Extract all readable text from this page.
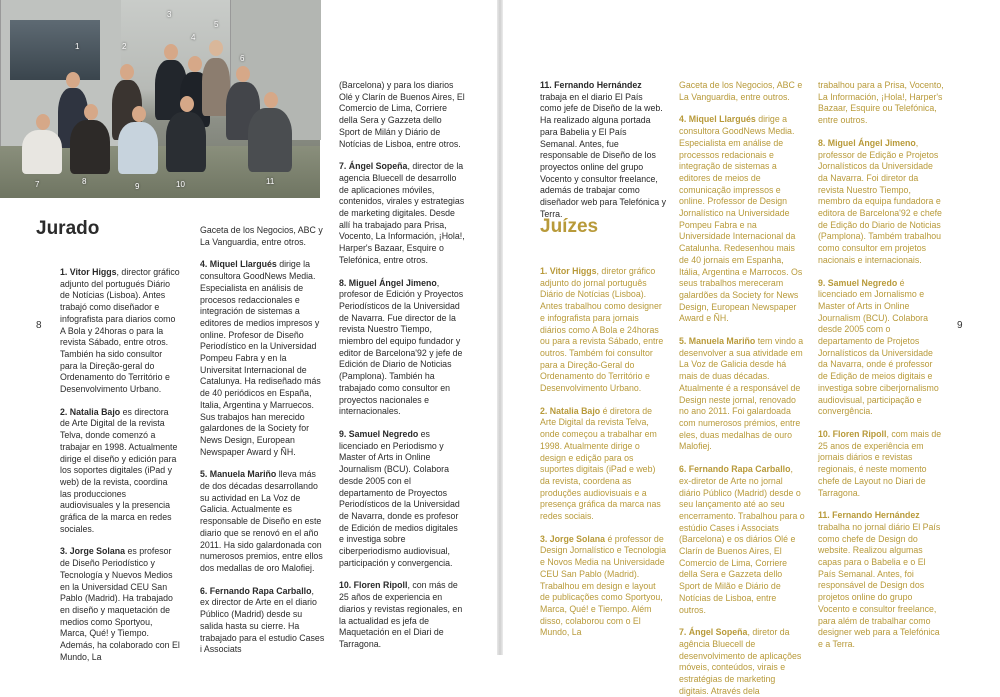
1	2
3
4
5
6
7	8
9	10	11
Jurado
8

1. Vitor Higgs, director gráfico adjunto del portugués Diário de Notícias (Lisboa). Antes trabajó como diseñador e infografista para diarios como A Bola y 24horas o para la revista Sábado, entre otros. También ha sido consultor para la Direção-geral do Ordenamento do Território e Desenvolvimento Urbano.

2. Natalia Bajo es directora de Arte Digital de la revista Telva, donde comenzó a trabajar en 1998. Actualmente dirige el diseño y edición para los soportes digitales (iPad y web) de la revista, coordina las producciones audiovisuales y la presencia gráfica de la marca en redes sociales.

3. Jorge Solana es profesor de Diseño Periodístico y Tecnología y Nuevos Medios en la Universidad CEU San Pablo (Madrid). Ha trabajado en diseño y maquetación de medios como Sportyou, Marca, Qué! y Tiempo. Además, ha colaborado con El Mundo, La

Gaceta de los Negocios, ABC y La Vanguardia, entre otros.

4. Miquel Llargués dirige la consultora GoodNews Media. Especialista en análisis de procesos redaccionales e integración de sistemas a editores de medios impresos y online. Profesor de Diseño Periodístico en la Universidad Pompeu Fabra y en la Universitat Internacional de Catalunya. Ha rediseñado más de 40 periódicos en España, Italia, Argentina y Marruecos. Sus trabajos han merecido galardones de la Society for News Design, European Newspaper Award y ÑH.

5. Manuela Mariño lleva más de dos décadas desarrollando su actividad en La Voz de Galicia. Actualmente es responsable de Diseño en este diario que se renovó en el año 2011. Ha sido galardonada con numerosos premios, entre ellos dos medallas de oro Malofiej.

6. Fernando Rapa Carballo, ex director de Arte en el diario Público (Madrid) desde su salida hasta su cierre. Ha trabajado para el estudio Cases i Associats

(Barcelona) y para los diarios Olé y Clarín de Buenos Aires, El Comercio de Lima, Corriere della Sera y Gazzeta dello Sport de Milán y Diário de Notícias de Lisboa, entre otros.

7. Ángel Sopeña, director de la agencia Bluecell de desarrollo de aplicaciones móviles, contenidos, virales y estrategias de marketing digitales. Desde allí ha trabajado para Prisa, Vocento, La Información, ¡Hola!, Harper's Bazaar, Esquire o Telefónica, entre otros.

8. Miguel Ángel Jimeno, profesor de Edición y Proyectos Periodísticos de la Universidad de Navarra. Fue director de la revista Nuestro Tiempo, miembro del equipo fundador y editor de Barcelona'92 y jefe de Edición de Diario de Noticias (Pamplona). También ha trabajado como consultor en proyectos nacionales e internacionales.

9. Samuel Negredo es licenciado en Periodismo y Master of Arts in Online Journalism (BCU). Colabora desde 2005 con el departamento de Proyectos Periodísticos de la Universidad de Navarra, donde es profesor de Edición de medios digitales e investiga sobre ciberperiodismo audiovisual, participación y convergencia.

10. Floren Ripoll, con más de 25 años de experiencia en diarios y revistas regionales, en la actualidad es jefa de Maquetación en el Diari de Tarragona.

11. Fernando Hernández trabaja en el diario El País como jefe de Diseño de la web. Ha realizado alguna portada para Babelia y El País Semanal. Antes, fue responsable de Diseño de los proyectos online del grupo Vocento y consultor freelance, además de trabajar como diseñador web para Telefónica y Terra.

Juízes
9

1. Vitor Higgs, diretor gráfico adjunto do jornal português Diário de Notícias (Lisboa). Antes trabalhou como designer e infografista para jornais diários como A Bola e 24horas ou para a revista Sábado, entre outros. Também foi consultor para a Direção-Geral do Ordenamento do Território e Desenvolvimento Urbano.

2. Natalia Bajo é diretora de Arte Digital da revista Telva, onde começou a trabalhar em 1998. Atualmente dirige o design e edição para os suportes digitais (iPad e web) da revista, coordena as produções audiovisuais e a presença gráfica da marca nas redes sociais.

3. Jorge Solana é professor de Design Jornalístico e Tecnologia e Novos Media na Universidade CEU San Pablo (Madrid). Trabalhou em design e layout de publicações como Sportyou, Marca, Qué! e Tiempo. Além disso, colaborou com o El Mundo, La

Gaceta de los Negocios, ABC e La Vanguardia, entre outros.

4. Miquel Llargués dirige a consultora GoodNews Media. Especialista em análise de processos redacionais e integração de sistemas a editores de meios de comunicação impressos e online. Professor de Design Jornalístico na Universidade Pompeu Fabra e na Universidade Internacional da Catalunha. Redesenhou mais de 40 jornais em Espanha, Itália, Argentina e Marrocos. Os seus trabalhos mereceram galardões da Society for News Design, European Newspaper Award e ÑH.

5. Manuela Mariño tem vindo a desenvolver a sua atividade em La Voz de Galicia desde há mais de duas décadas. Atualmente é a responsável de Design neste jornal, renovado no ano 2011. Foi galardoada com numerosos prémios, entre eles, duas medalhas de ouro Malofiej.

6. Fernando Rapa Carballo, ex-diretor de Arte no jornal diário Público (Madrid) desde o seu lançamento até ao seu encerramento. Trabalhou para o estúdio Cases i Associats (Barcelona) e os diários Olé e Clarín de Buenos Aires, El Comercio de Lima, Corriere della Sera e Gazzeta dello Sport de Milão e Diário de Notícias de Lisboa, entre outros.

7. Ángel Sopeña, diretor da agência Bluecell de desenvolvimento de aplicações móveis, conteúdos, virais e estratégias de marketing digitais. Através dela

trabalhou para a Prisa, Vocento, La Información, ¡Hola!, Harper's Bazaar, Esquire ou Telefónica, entre outros.

8. Miguel Ángel Jimeno, professor de Edição e Projetos Jornalísticos da Universidade da Navarra. Foi diretor da revista Nuestro Tiempo, membro da equipa fundadora e editora de Barcelona'92 e chefe de Edição do Diario de Noticias (Pamplona). Também trabalhou como consultor em projetos nacionais e internacionais.

9. Samuel Negredo é licenciado em Jornalismo e Master of Arts in Online Journalism (BCU). Colabora desde 2005 com o departamento de Projetos Jornalísticos da Universidade da Navarra, onde é professor de Edição de meios digitais e investiga sobre ciberjornalismo audiovisual, participação e convergência.

10. Floren Ripoll, com mais de 25 anos de experiência em jornais diários e revistas regionais, é neste momento chefe de Layout no Diari de Tarragona.

11. Fernando Hernández trabalha no jornal diário El País como chefe de Design do website. Realizou algumas capas para o Babelia e o El País Semanal. Antes, foi responsável de Design dos projetos online do grupo Vocento e consultor freelance, para além de trabalhar como designer web para a Telefónica e a Terra.
